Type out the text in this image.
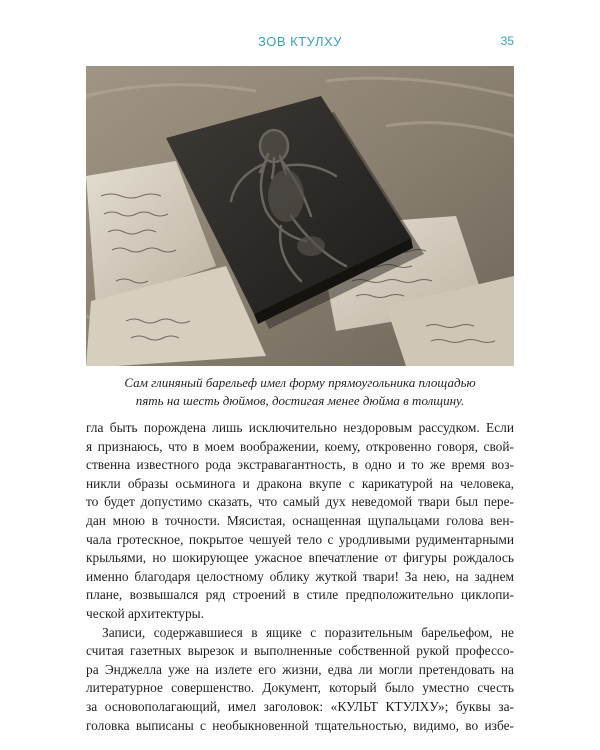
ЗОВ КТУЛХУ	35
Сам глиняный барельеф имел форму прямоугольника площадью
пять на шесть дюймов, достигая менее дюйма в толщину.
гла быть порождена лишь исключительно нездоровым рассудком. Если
я признаюсь, что в моем воображении, коему, откровенно говоря, свой-
ственна известного рода экстравагантность, в одно и то же время воз-
никли образы осьминога и дракона вкупе с карикатурой на человека,
то будет допустимо сказать, что самый дух неведомой твари был пере-
дан мною в точности. Мясистая, оснащенная щупальцами голова вен-
чала гротескное, покрытое чешуей тело с уродливыми рудиментарными
крыльями, но шокирующее ужасное впечатление от фигуры рождалось
именно благодаря целостному облику жуткой твари! За нею, на заднем
плане, возвышался ряд строений в стиле предположительно циклопи-
ческой архитектуры.
Записи, содержавшиеся в ящике с поразительным барельефом, не
считая газетных вырезок и выполненные собственной рукой профессо-
ра Энджелла уже на излете его жизни, едва ли могли претендовать на
литературное совершенство. Документ, который было уместно счесть
за основополагающий, имел заголовок: «КУЛЬТ КТУЛХУ»; буквы за-
головка выписаны с необыкновенной тщательностью, видимо, во избе-
